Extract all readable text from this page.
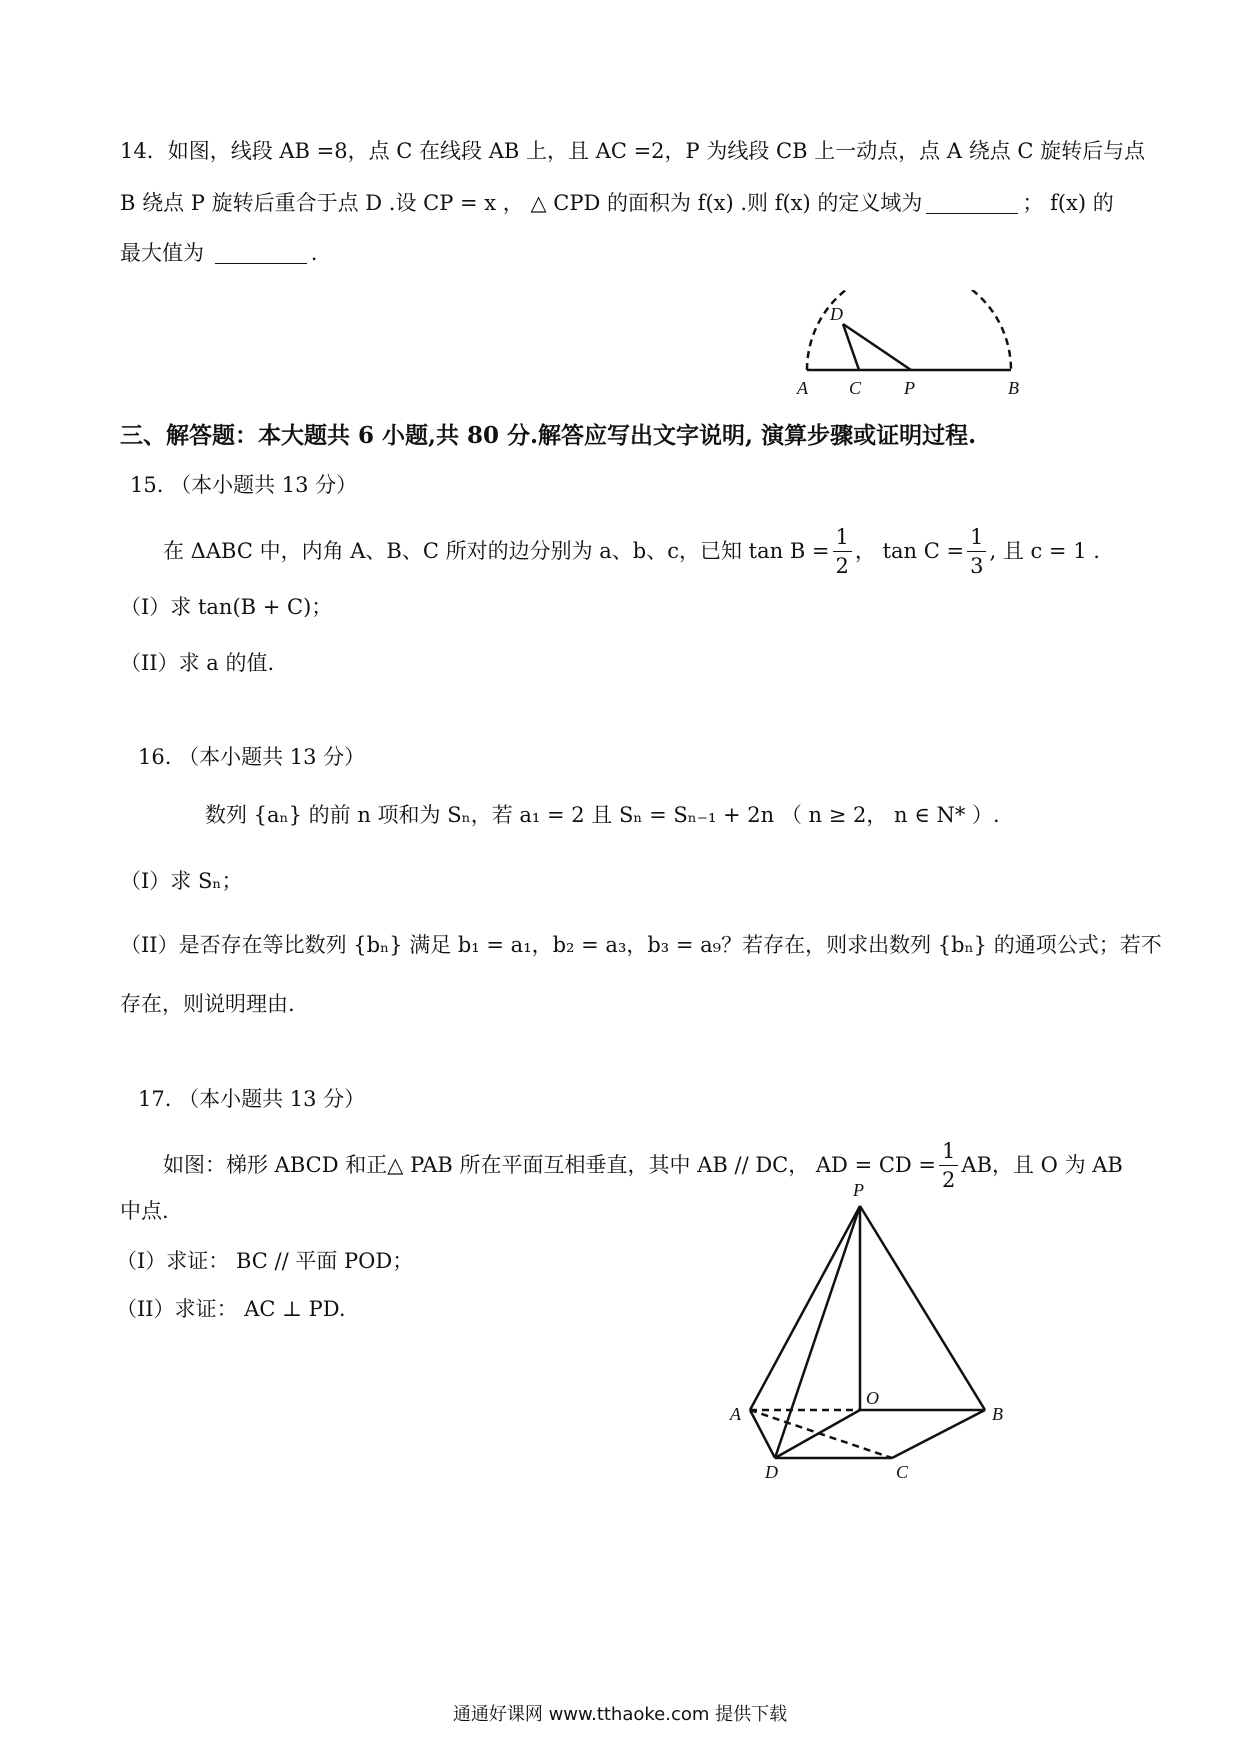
14．如图，线段 AB =8，点 C 在线段 AB 上，且 AC =2，P 为线段 CB 上一动点，点 A 绕点 C 旋转后与点
B 绕点 P 旋转后重合于点 D .设 CP = x ， △ CPD 的面积为 f(x) .则 f(x) 的定义域为	； f(x) 的
最大值为	.
D
A C P	B
三、解答题：本大题共 6 小题,共 80 分.解答应写出文字说明, 演算步骤或证明过程.
15. （本小题共 13 分）
在 ΔABC 中，内角 A、B、C 所对的边分别为 a、b、c，已知 $\tan B = \frac{1}{2}$ ， $\tan C = \frac{1}{3}$ , 且 c = 1 .
（I）求 tan(B + C)；
（II）求 a 的值.
16. （本小题共 13 分）
数列 {aₙ} 的前 n 项和为 Sₙ，若 a₁ = 2 且 Sₙ = Sₙ₋₁ + 2n （ n ≥ 2， n ∈ N* ）.
（I）求 Sₙ；
（II）是否存在等比数列 {bₙ} 满足 b₁ = a₁，b₂ = a₃，b₃ = a₉？若存在，则求出数列 {bₙ} 的通项公式；若不
存在，则说明理由.
17. （本小题共 13 分）
如图：梯形 ABCD 和正△ PAB 所在平面互相垂直，其中 AB // DC， AD = CD = $\frac{1}{2}$ AB，且 O 为 AB
中点.
（I）求证： BC // 平面 POD；
（II）求证： AC ⊥ PD.
P
A
O
B
D	C
通通好课网 www.tthaoke.com 提供下载
